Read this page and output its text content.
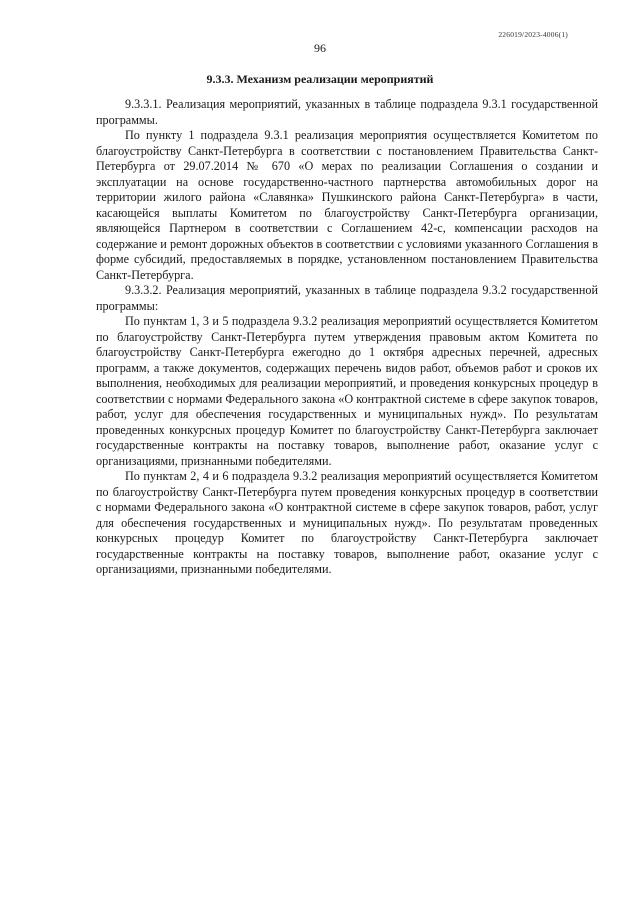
226019/2023-4006(1)
96
9.3.3. Механизм реализации мероприятий

9.3.3.1. Реализация мероприятий, указанных в таблице подраздела 9.3.1 государственной программы.

По пункту 1 подраздела 9.3.1 реализация мероприятия осуществляется Комитетом по благоустройству Санкт-Петербурга в соответствии с постановлением Правительства Санкт-Петербурга от 29.07.2014 № 670 «О мерах по реализации Соглашения о создании и эксплуатации на основе государственно-частного партнерства автомобильных дорог на территории жилого района «Славянка» Пушкинского района Санкт-Петербурга» в части, касающейся выплаты Комитетом по благоустройству Санкт-Петербурга организации, являющейся Партнером в соответствии с Соглашением 42-с, компенсации расходов на содержание и ремонт дорожных объектов в соответствии с условиями указанного Соглашения в форме субсидий, предоставляемых в порядке, установленном постановлением Правительства Санкт-Петербурга.

9.3.3.2. Реализация мероприятий, указанных в таблице подраздела 9.3.2 государственной программы:

По пунктам 1, 3 и 5 подраздела 9.3.2 реализация мероприятий осуществляется Комитетом по благоустройству Санкт-Петербурга путем утверждения правовым актом Комитета по благоустройству Санкт-Петербурга ежегодно до 1 октября адресных перечней, адресных программ, а также документов, содержащих перечень видов работ, объемов работ и сроков их выполнения, необходимых для реализации мероприятий, и проведения конкурсных процедур в соответствии с нормами Федерального закона «О контрактной системе в сфере закупок товаров, работ, услуг для обеспечения государственных и муниципальных нужд». По результатам проведенных конкурсных процедур Комитет по благоустройству Санкт-Петербурга заключает государственные контракты на поставку товаров, выполнение работ, оказание услуг с организациями, признанными победителями.

По пунктам 2, 4 и 6 подраздела 9.3.2 реализация мероприятий осуществляется Комитетом по благоустройству Санкт-Петербурга путем проведения конкурсных процедур в соответствии с нормами Федерального закона «О контрактной системе в сфере закупок товаров, работ, услуг для обеспечения государственных и муниципальных нужд». По результатам проведенных конкурсных процедур Комитет по благоустройству Санкт-Петербурга заключает государственные контракты на поставку товаров, выполнение работ, оказание услуг с организациями, признанными победителями.
